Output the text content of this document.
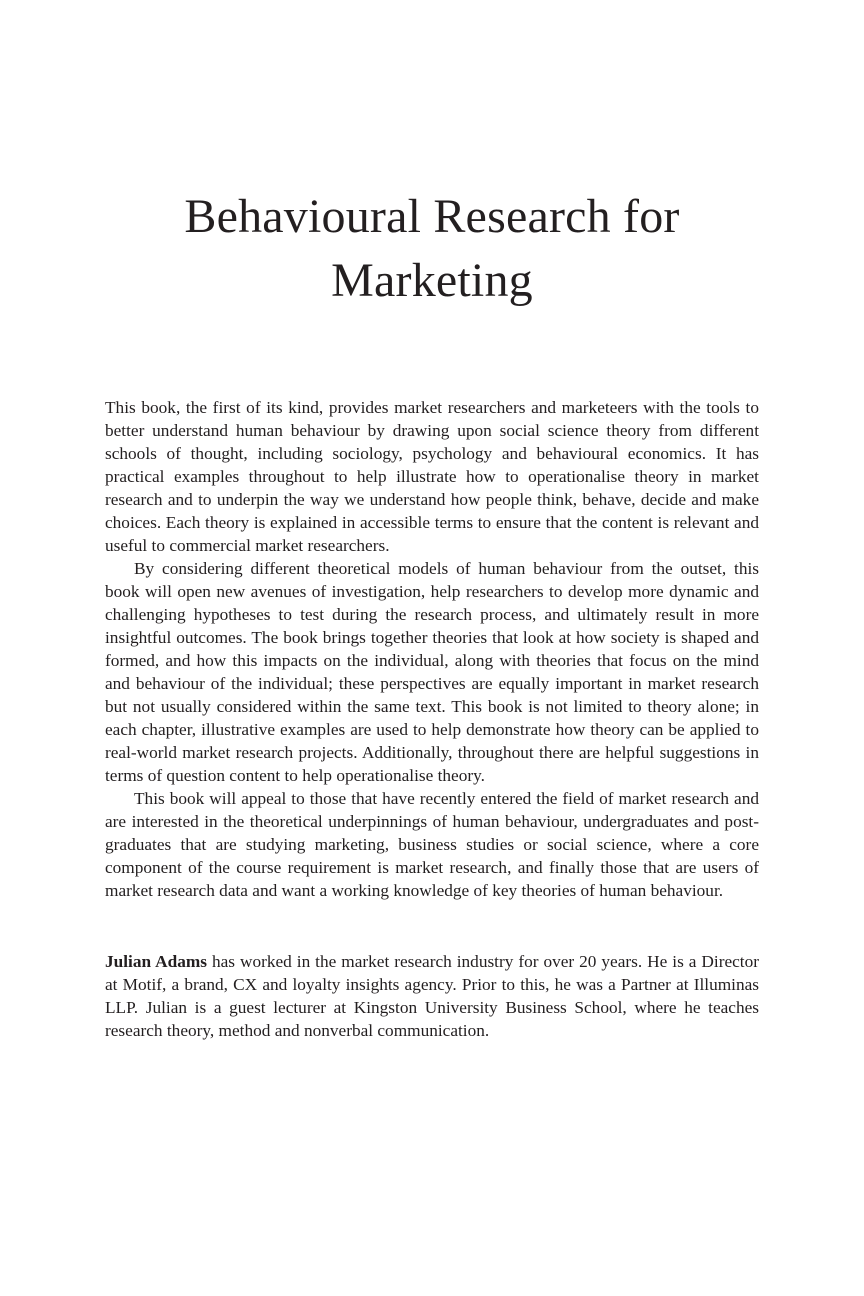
Behavioural Research for
Marketing

This book, the first of its kind, provides market researchers and marketeers with the tools to better understand human behaviour by drawing upon social science theory from different schools of thought, including sociology, psychology and behavioural economics. It has practical examples throughout to help illustrate how to operationalise theory in market research and to underpin the way we understand how people think, behave, decide and make choices. Each theory is explained in accessible terms to ensure that the content is relevant and useful to commercial market researchers.

By considering different theoretical models of human behaviour from the outset, this book will open new avenues of investigation, help researchers to develop more dynamic and challenging hypotheses to test during the research process, and ultimately result in more insightful outcomes. The book brings together theories that look at how society is shaped and formed, and how this impacts on the individual, along with theories that focus on the mind and behaviour of the individual; these perspectives are equally important in market research but not usually considered within the same text. This book is not limited to theory alone; in each chapter, illustrative examples are used to help demonstrate how theory can be applied to real-world market research projects. Additionally, throughout there are helpful suggestions in terms of question content to help operationalise theory.

This book will appeal to those that have recently entered the field of market research and are interested in the theoretical underpinnings of human behaviour, undergraduates and post-graduates that are studying marketing, business studies or social science, where a core component of the course requirement is market research, and finally those that are users of market research data and want a working knowledge of key theories of human behaviour.

Julian Adams has worked in the market research industry for over 20 years. He is a Director at Motif, a brand, CX and loyalty insights agency. Prior to this, he was a Partner at Illuminas LLP. Julian is a guest lecturer at Kingston University Business School, where he teaches research theory, method and nonverbal communication.
